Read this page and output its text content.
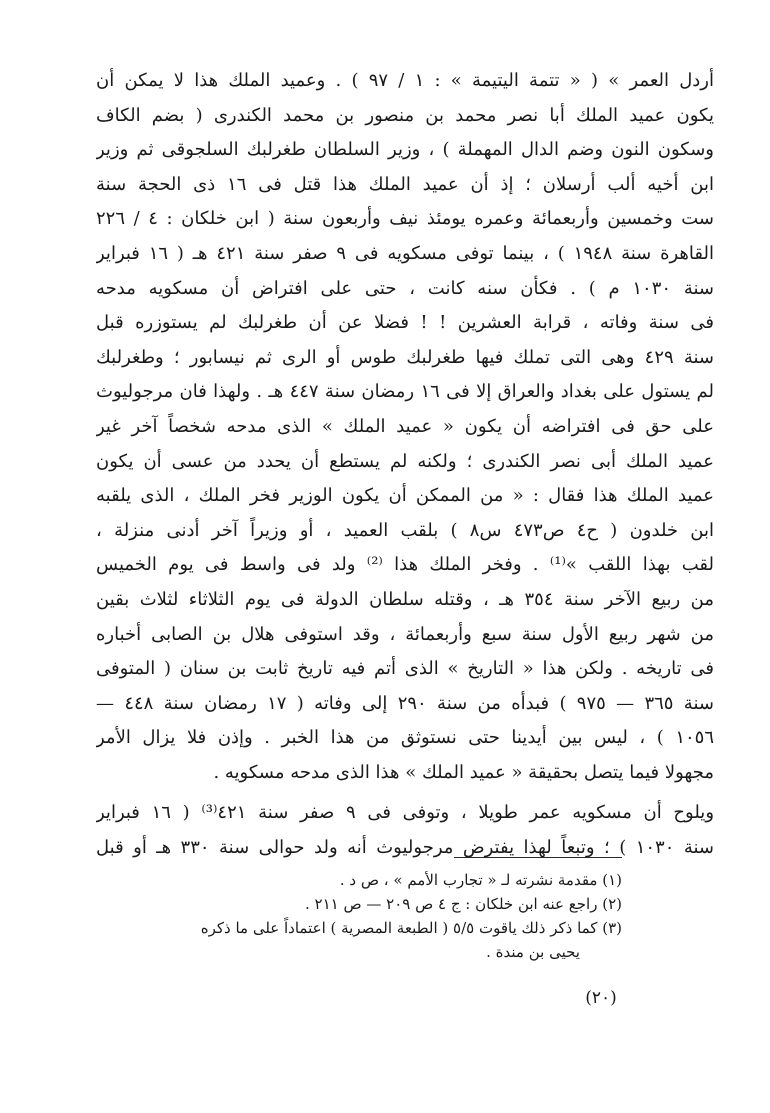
أردل العمر » ( « تتمة اليتيمة » : ١ / ٩٧ ) . وعميد الملك هذا لا يمكن أن
يكون عميد الملك أبا نصر محمد بن منصور بن محمد الكندرى ( بضم الكاف
وسكون النون وضم الدال المهملة ) ، وزير السلطان طغرلبك السلجوقى ثم وزير
ابن أخيه ألب أرسلان ؛ إذ أن عميد الملك هذا قتل فى ١٦ ذى الحجة سنة
ست وخمسين وأربعمائة وعمره يومئذ نيف وأربعون سنة ( ابن خلكان : ٤ / ٢٢٦
القاهرة سنة ١٩٤٨ ) ، بينما توفى مسكويه فى ٩ صفر سنة ٤٢١ هـ ( ١٦ فبراير
سنة ١٠٣٠ م ) . فكأن سنه كانت ، حتى على افتراض أن مسكويه مدحه
فى سنة وفاته ، قرابة العشرين ! ! فضلا عن أن طغرلبك لم يستوزره قبل
سنة ٤٢٩ وهى التى تملك فيها طغرلبك طوس أو الرى ثم نيسابور ؛ وطغرلبك
لم يستول على بغداد والعراق إلا فى ١٦ رمضان سنة ٤٤٧ هـ . ولهذا فان مرجوليوث
على حق فى افتراضه أن يكون « عميد الملك » الذى مدحه شخصاً آخر غير
عميد الملك أبى نصر الكندرى ؛ ولكنه لم يستطع أن يحدد من عسى أن يكون
عميد الملك هذا فقال : « من الممكن أن يكون الوزير فخر الملك ، الذى يلقبه
ابن خلدون ( ح٤ ص٤٧٣ س٨ ) بلقب العميد ، أو وزيراً آخر أدنى منزلة ،
لقب بهذا اللقب »⁽¹⁾ . وفخر الملك هذا ⁽²⁾ ولد فى واسط فى يوم الخميس
من ربيع الآخر سنة ٣٥٤ هـ ، وقتله سلطان الدولة فى يوم الثلاثاء لثلاث بقين
من شهر ربيع الأول سنة سبع وأربعمائة ، وقد استوفى هلال بن الصابى أخباره
فى تاريخه . ولكن هذا « التاريخ » الذى أتم فيه تاريخ ثابت بن سنان ( المتوفى
سنة ٣٦٥ — ٩٧٥ ) فبدأه من سنة ٢٩٠ إلى وفاته ( ١٧ رمضان سنة ٤٤٨ —
١٠٥٦ ) ، ليس بين أيدينا حتى نستوثق من هذا الخبر . وإذن فلا يزال الأمر
مجهولا فيما يتصل بحقيقة « عميد الملك » هذا الذى مدحه مسكويه .
ويلوح أن مسكويه عمر طويلا ، وتوفى فى ٩ صفر سنة ٤٢١⁽³⁾ ( ١٦ فبراير
سنة ١٠٣٠ ) ؛ وتبعاً لهذا يفترض مرجوليوث أنه ولد حوالى سنة ٣٣٠ هـ أو قبل
(١) مقدمة نشرته لـ « تجارب الأمم » ، ص د .
(٢) راجع عنه ابن خلكان : ج ٤ ص ٢٠٩ — ص ٢١١ .
(٣) كما ذكر ذلك ياقوت ٥/٥ ( الطبعة المصرية ) اعتماداً على ما ذكره
يحيى بن مندة .
(٢٠)
